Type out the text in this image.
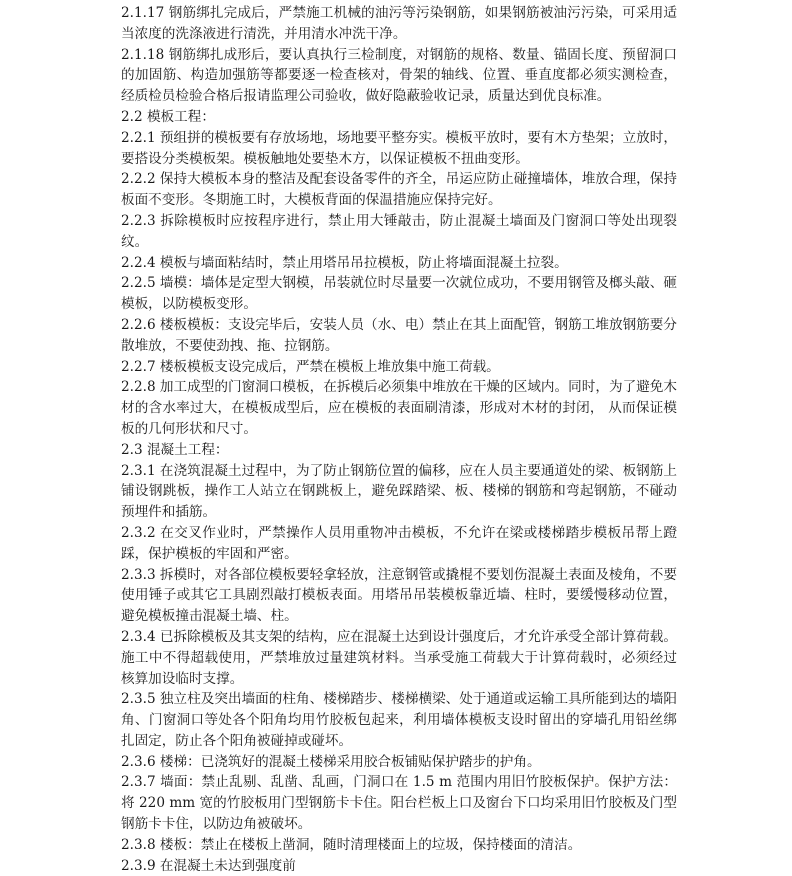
2.1.17 钢筋绑扎完成后，严禁施工机械的油污等污染钢筋，如果钢筋被油污污染，可采用适当浓度的洗涤液进行清洗，并用清水冲洗干净。

2.1.18 钢筋绑扎成形后，要认真执行三检制度，对钢筋的规格、数量、锚固长度、预留洞口的加固筋、构造加强筋等都要逐一检查核对，骨架的轴线、位置、垂直度都必须实测检查，经质检员检验合格后报请监理公司验收，做好隐蔽验收记录，质量达到优良标准。

2.2 模板工程：

2.2.1 预组拼的模板要有存放场地，场地要平整夯实。模板平放时，要有木方垫架；立放时，要搭设分类模板架。模板触地处要垫木方，以保证模板不扭曲变形。

2.2.2 保持大模板本身的整洁及配套设备零件的齐全，吊运应防止碰撞墙体，堆放合理，保持板面不变形。冬期施工时，大模板背面的保温措施应保持完好。

2.2.3 拆除模板时应按程序进行，禁止用大锤敲击，防止混凝土墙面及门窗洞口等处出现裂纹。

2.2.4 模板与墙面粘结时，禁止用塔吊吊拉模板，防止将墙面混凝土拉裂。

2.2.5 墙模：墙体是定型大钢模，吊装就位时尽量要一次就位成功，不要用钢管及榔头敲、砸模板，以防模板变形。

2.2.6 楼板模板：支设完毕后，安装人员（水、电）禁止在其上面配管，钢筋工堆放钢筋要分散堆放，不要使劲拽、拖、拉钢筋。

2.2.7 楼板模板支设完成后，严禁在模板上堆放集中施工荷载。

2.2.8 加工成型的门窗洞口模板，在拆模后必须集中堆放在干燥的区域内。同时，为了避免木材的含水率过大，在模板成型后，应在模板的表面刷清漆，形成对木材的封闭， 从而保证模板的几何形状和尺寸。

2.3 混凝土工程：

2.3.1 在浇筑混凝土过程中，为了防止钢筋位置的偏移，应在人员主要通道处的梁、板钢筋上铺设钢跳板，操作工人站立在钢跳板上，避免踩踏梁、板、楼梯的钢筋和弯起钢筋，不碰动预埋件和插筋。

2.3.2 在交叉作业时，严禁操作人员用重物冲击模板，不允许在梁或楼梯踏步模板吊帮上蹬踩，保护模板的牢固和严密。

2.3.3 拆模时，对各部位模板要轻拿轻放，注意钢管或撬棍不要划伤混凝土表面及棱角，不要使用锤子或其它工具剧烈敲打模板表面。用塔吊吊装模板靠近墙、柱时，要缓慢移动位置，避免模板撞击混凝土墙、柱。

2.3.4 已拆除模板及其支架的结构，应在混凝土达到设计强度后，才允许承受全部计算荷载。施工中不得超载使用，严禁堆放过量建筑材料。当承受施工荷载大于计算荷载时，必须经过核算加设临时支撑。

2.3.5 独立柱及突出墙面的柱角、楼梯踏步、楼梯横梁、处于通道或运输工具所能到达的墙阳角、门窗洞口等处各个阳角均用竹胶板包起来，利用墙体模板支设时留出的穿墙孔用铅丝绑扎固定，防止各个阳角被碰掉或碰坏。

2.3.6 楼梯：已浇筑好的混凝土楼梯采用胶合板铺贴保护踏步的护角。

2.3.7 墙面：禁止乱剔、乱凿、乱画，门洞口在 1.5 m 范围内用旧竹胶板保护。保护方法：将 220 mm 宽的竹胶板用门型钢筋卡卡住。阳台栏板上口及窗台下口均采用旧竹胶板及门型钢筋卡卡住，以防边角被破坏。

2.3.8 楼板：禁止在楼板上凿洞，随时清理楼面上的垃圾，保持楼面的清洁。

2.3.9 在混凝土未达到强度前
